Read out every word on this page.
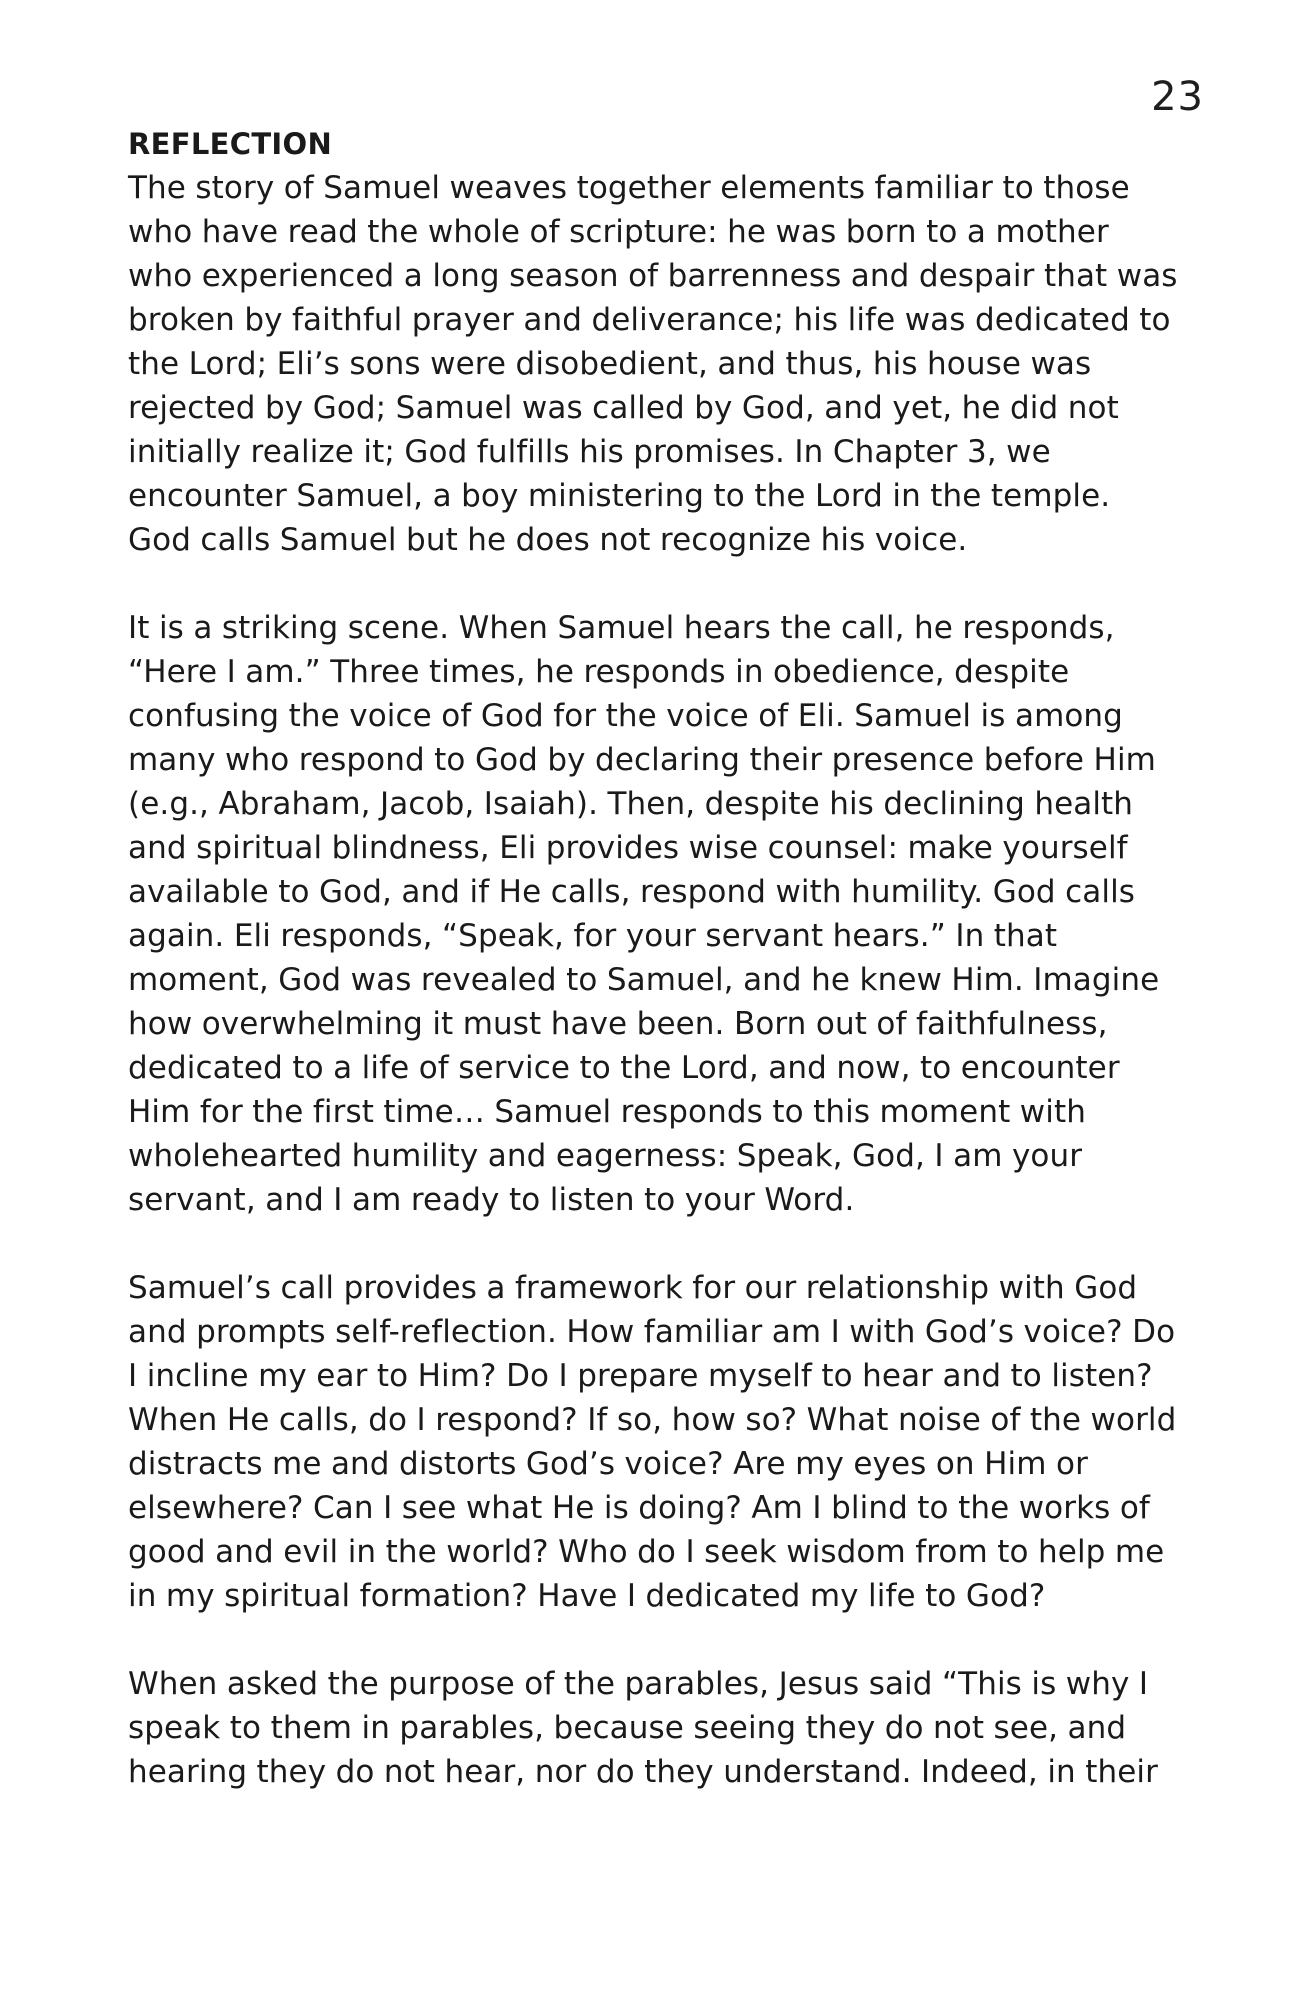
23
REFLECTION

The story of Samuel weaves together elements familiar to those who have read the whole of scripture: he was born to a mother who experienced a long season of barrenness and despair that was broken by faithful prayer and deliverance; his life was dedicated to the Lord; Eli’s sons were disobedient, and thus, his house was rejected by God; Samuel was called by God, and yet, he did not initially realize it; God fulfills his promises. In Chapter 3, we encounter Samuel, a boy ministering to the Lord in the temple. God calls Samuel but he does not recognize his voice.

It is a striking scene. When Samuel hears the call, he responds, “Here I am.” Three times, he responds in obedience, despite confusing the voice of God for the voice of Eli. Samuel is among many who respond to God by declaring their presence before Him (e.g., Abraham, Jacob, Isaiah). Then, despite his declining health and spiritual blindness, Eli provides wise counsel: make yourself available to God, and if He calls, respond with humility. God calls again. Eli responds, “Speak, for your servant hears.” In that moment, God was revealed to Samuel, and he knew Him. Imagine how overwhelming it must have been. Born out of faithfulness, dedicated to a life of service to the Lord, and now, to encounter Him for the first time… Samuel responds to this moment with wholehearted humility and eagerness: Speak, God, I am your servant, and I am ready to listen to your Word.

Samuel’s call provides a framework for our relationship with God and prompts self-reflection. How familiar am I with God’s voice? Do I incline my ear to Him? Do I prepare myself to hear and to listen? When He calls, do I respond? If so, how so? What noise of the world distracts me and distorts God’s voice? Are my eyes on Him or elsewhere? Can I see what He is doing? Am I blind to the works of good and evil in the world? Who do I seek wisdom from to help me in my spiritual formation? Have I dedicated my life to God?

When asked the purpose of the parables, Jesus said “This is why I speak to them in parables, because seeing they do not see, and hearing they do not hear, nor do they understand. Indeed, in their
